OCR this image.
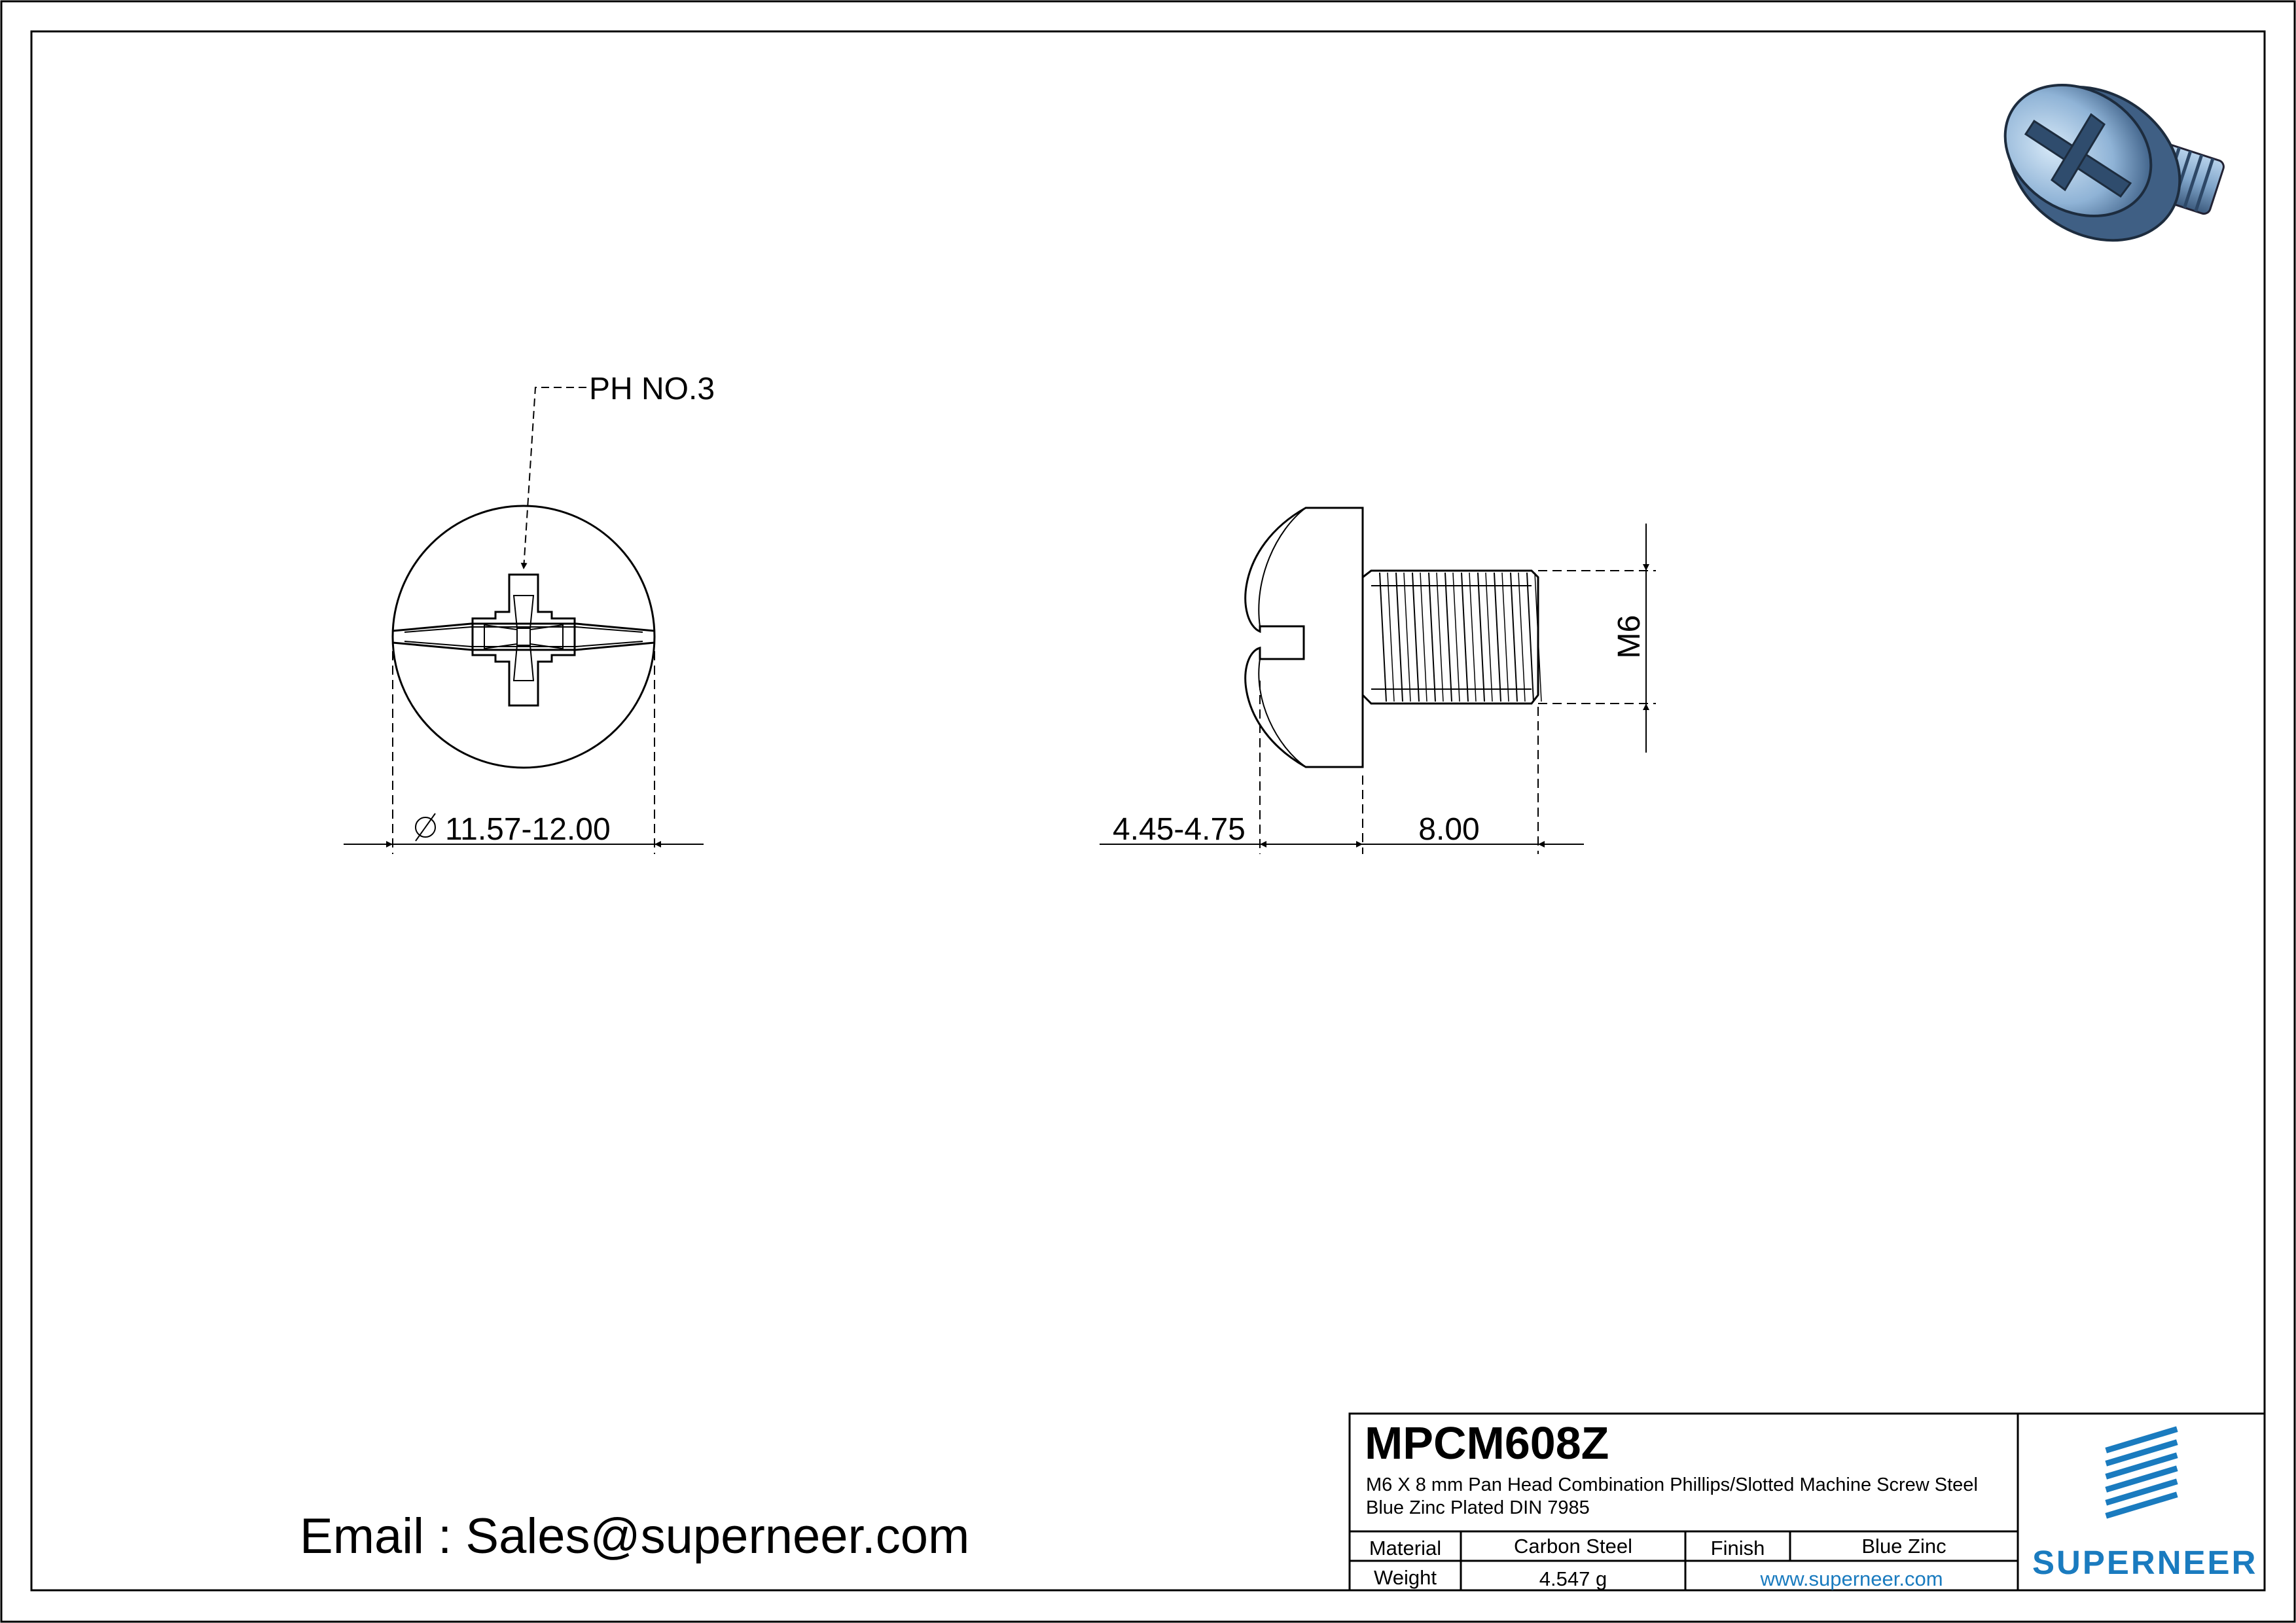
PH NO.3
11.57-12.00
M6
4.45-4.75	8.00
MPCM608Z
M6 X 8 mm Pan Head Combination Phillips/Slotted Machine Screw Steel Blue Zinc Plated DIN 7985
Material	Carbon Steel	Finish	Blue Zinc
Weight	4.547 g	www.superneer.com	SUPERNEER
Email : Sales@superneer.com
